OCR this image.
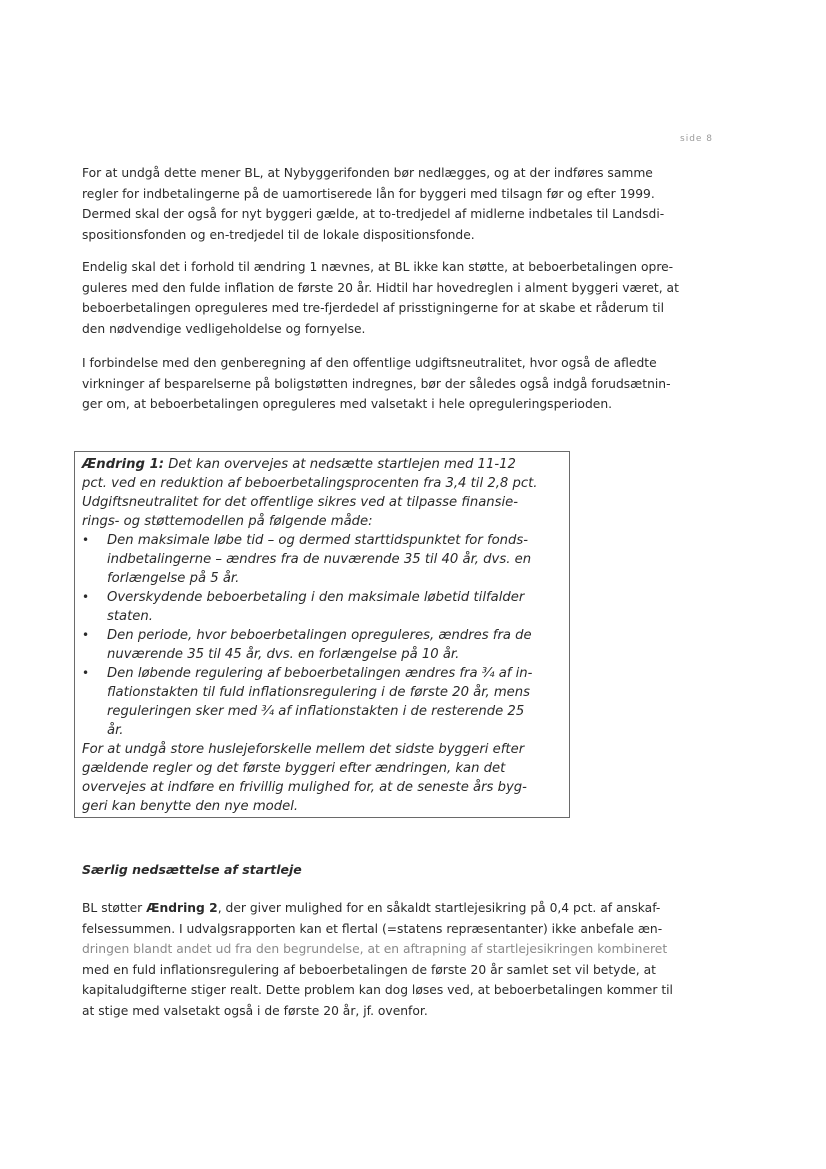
side 8
For at undgå dette mener BL, at Nybyggerifonden bør nedlægges, og at der indføres samme
regler for indbetalingerne på de uamortiserede lån for byggeri med tilsagn før og efter 1999.
Dermed skal der også for nyt byggeri gælde, at to-tredjedel af midlerne indbetales til Landsdi-
spositionsfonden og en-tredjedel til de lokale dispositionsfonde.
Endelig skal det i forhold til ændring 1 nævnes, at BL ikke kan støtte, at beboerbetalingen opre-
guleres med den fulde inflation de første 20 år. Hidtil har hovedreglen i alment byggeri været, at
beboerbetalingen opreguleres med tre-fjerdedel af prisstigningerne for at skabe et råderum til
den nødvendige vedligeholdelse og fornyelse.
I forbindelse med den genberegning af den offentlige udgiftsneutralitet, hvor også de afledte
virkninger af besparelserne på boligstøtten indregnes, bør der således også indgå forudsætnin-
ger om, at beboerbetalingen opreguleres med valsetakt i hele opreguleringsperioden.
Ændring 1: Det kan overvejes at nedsætte startlejen med 11-12
pct. ved en reduktion af beboerbetalingsprocenten fra 3,4 til 2,8 pct.
Udgiftsneutralitet for det offentlige sikres ved at tilpasse finansie-
rings- og støttemodellen på følgende måde:
• Den maksimale løbe tid – og dermed starttidspunktet for fonds-
indbetalingerne – ændres fra de nuværende 35 til 40 år, dvs. en
forlængelse på 5 år.
• Overskydende beboerbetaling i den maksimale løbetid tilfalder
staten.
• Den periode, hvor beboerbetalingen opreguleres, ændres fra de
nuværende 35 til 45 år, dvs. en forlængelse på 10 år.
• Den løbende regulering af beboerbetalingen ændres fra ¾ af in-
flationstakten til fuld inflationsregulering i de første 20 år, mens
reguleringen sker med ¾ af inflationstakten i de resterende 25
år.
For at undgå store huslejeforskelle mellem det sidste byggeri efter
gældende regler og det første byggeri efter ændringen, kan det
overvejes at indføre en frivillig mulighed for, at de seneste års byg-
geri kan benytte den nye model.
Særlig nedsættelse af startleje
BL støtter Ændring 2, der giver mulighed for en såkaldt startlejesikring på 0,4 pct. af anskaf-
felsessummen. I udvalgsrapporten kan et flertal (=statens repræsentanter) ikke anbefale æn-
dringen blandt andet ud fra den begrundelse, at en aftrapning af startlejesikringen kombineret
med en fuld inflationsregulering af beboerbetalingen de første 20 år samlet set vil betyde, at
kapitaludgifterne stiger realt. Dette problem kan dog løses ved, at beboerbetalingen kommer til
at stige med valsetakt også i de første 20 år, jf. ovenfor.
